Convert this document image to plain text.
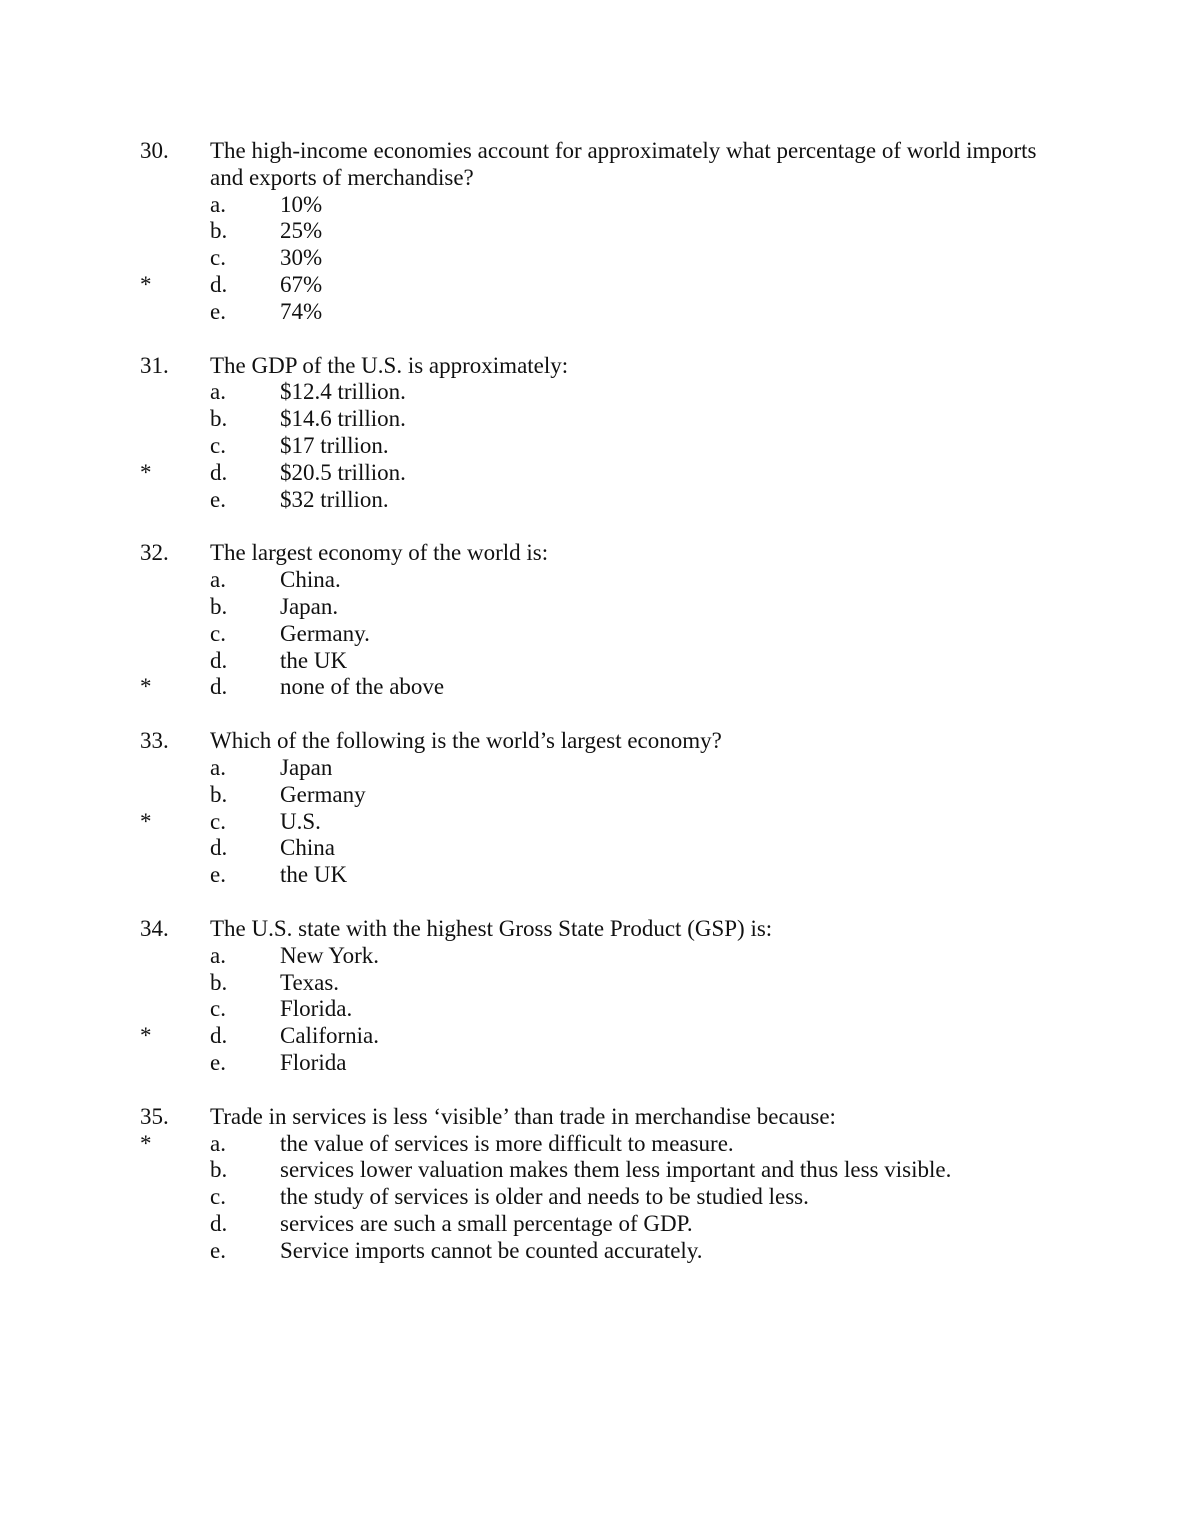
30. The high-income economies account for approximately what percentage of world imports and exports of merchandise?
a. 10%
b. 25%
c. 30%
*	d. 67%
e. 74%
31. The GDP of the U.S. is approximately:
a. $12.4 trillion.
b. $14.6 trillion.
c. $17 trillion.
*	d. $20.5 trillion.
e. $32 trillion.
32. The largest economy of the world is:
a. China.
b. Japan.
c. Germany.
d. the UK
*	d. none of the above
33. Which of the following is the world’s largest economy?
a. Japan
b. Germany
*	c. U.S.
d. China
e. the UK
34. The U.S. state with the highest Gross State Product (GSP) is:
a. New York.
b. Texas.
c. Florida.
*	d. California.
e. Florida
35. Trade in services is less ‘visible’ than trade in merchandise because:
*	a. the value of services is more difficult to measure.
b. services lower valuation makes them less important and thus less visible.
c. the study of services is older and needs to be studied less.
d. services are such a small percentage of GDP.
e. Service imports cannot be counted accurately.
